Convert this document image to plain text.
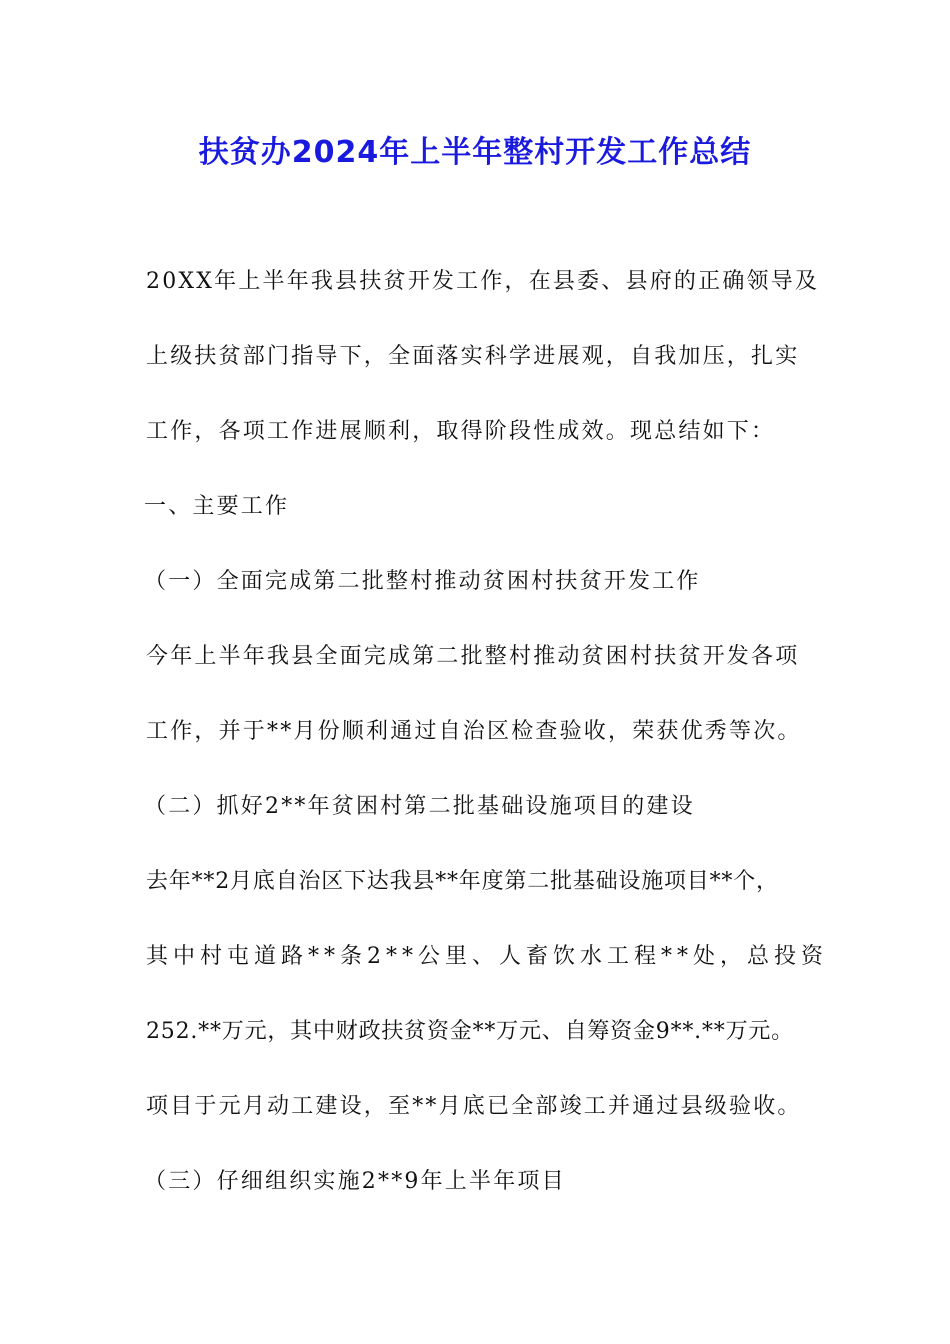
扶贫办2024年上半年整村开发工作总结
20XX年上半年我县扶贫开发工作，在县委、县府的正确领导及
上级扶贫部门指导下，全面落实科学进展观，自我加压，扎实
工作，各项工作进展顺利，取得阶段性成效。现总结如下：
一、主要工作
（一）全面完成第二批整村推动贫困村扶贫开发工作
今年上半年我县全面完成第二批整村推动贫困村扶贫开发各项
工作，并于**月份顺利通过自治区检查验收，荣获优秀等次。
（二）抓好2**年贫困村第二批基础设施项目的建设
去年**2月底自治区下达我县**年度第二批基础设施项目**个，
其中村屯道路**条2**公里、人畜饮水工程**处，总投资
252.**万元，其中财政扶贫资金**万元、自筹资金9**.**万元。
项目于元月动工建设，至**月底已全部竣工并通过县级验收。
（三）仔细组织实施2**9年上半年项目
